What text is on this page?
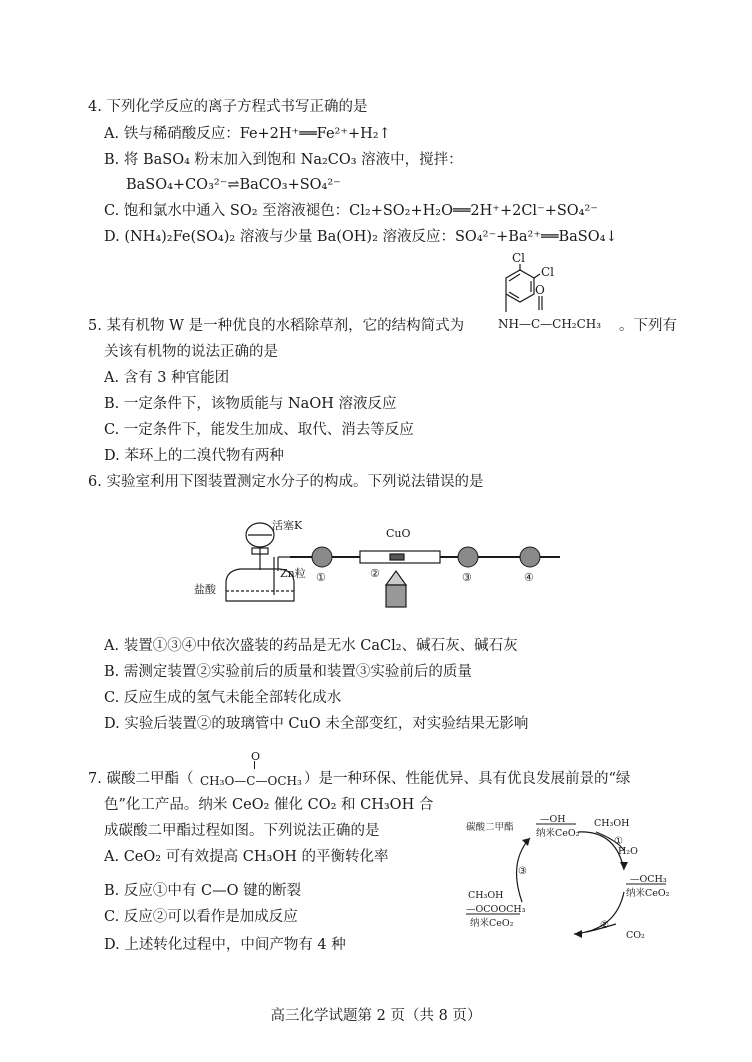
4. 下列化学反应的离子方程式书写正确的是
A. 铁与稀硝酸反应：Fe+2H⁺══Fe²⁺+H₂↑
B. 将 BaSO₄ 粉末加入到饱和 Na₂CO₃ 溶液中，搅拌：
BaSO₄+CO₃²⁻⇌BaCO₃+SO₄²⁻
C. 饱和氯水中通入 SO₂ 至溶液褪色：Cl₂+SO₂+H₂O══2H⁺+2Cl⁻+SO₄²⁻
D. (NH₄)₂Fe(SO₄)₂ 溶液与少量 Ba(OH)₂ 溶液反应：SO₄²⁻+Ba²⁺══BaSO₄↓
5. 某有机物 W 是一种优良的水稻除草剂，它的结构简式为	。下列有
Cl
Cl
O
NH—C—CH₂CH₃
关该有机物的说法正确的是
A. 含有 3 种官能团
B. 一定条件下，该物质能与 NaOH 溶液反应
C. 一定条件下，能发生加成、取代、消去等反应
D. 苯环上的二溴代物有两种
6. 实验室利用下图装置测定水分子的构成。下列说法错误的是
活塞K
Zn粒
盐酸
CuO
①	②	③	④
A. 装置①③④中依次盛装的药品是无水 CaCl₂、碱石灰、碱石灰
B. 需测定装置②实验前后的质量和装置③实验前后的质量
C. 反应生成的氢气未能全部转化成水
D. 实验后装置②的玻璃管中 CuO 未全部变红，对实验结果无影响
7. 碳酸二甲酯（
O
CH₃O—C—OCH₃ ）是一种环保、性能优异、具有优良发展前景的“绿
色”化工产品。纳米 CeO₂ 催化 CO₂ 和 CH₃OH 合
成碳酸二甲酯过程如图。下列说法正确的是
A. CeO₂ 可有效提高 CH₃OH 的平衡转化率
B. 反应①中有 C—O 键的断裂
C. 反应②可以看作是加成反应
D. 上述转化过程中，中间产物有 4 种
碳酸二甲酯
—OH
纳米CeO₂
CH₃OH
H₂O
—OCH₃
纳米CeO₂
CO₂
CH₃OH
—OCOOCH₃
纳米CeO₂
①
②
③
高三化学试题第 2 页（共 8 页）
